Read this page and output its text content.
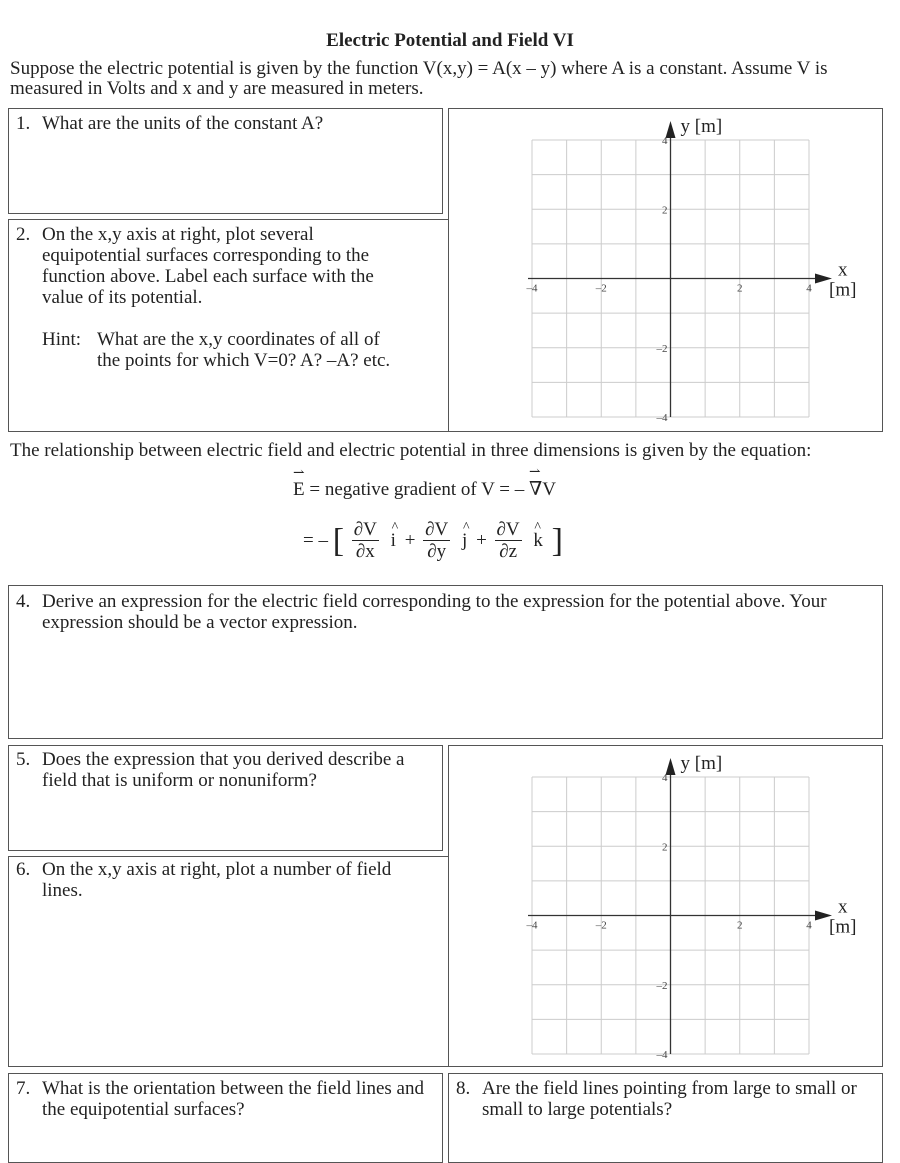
Electric Potential and Field VI
Suppose the electric potential is given by the function V(x,y) = A(x – y) where A is a constant. Assume V is measured in Volts and x and y are measured in meters.
1. What are the units of the constant A?
2. On the x,y axis at right, plot several equipotential surfaces corresponding to the function above. Label each surface with the value of its potential.
Hint: What are the x,y coordinates of all of
the points for which V=0? A? –A? etc.
–4	–2	2	4
4
2
–2
–4
y [m]
x
[m]
The relationship between electric field and electric potential in three dimensions is given by the equation:
⇀ E = negative gradient of V = – ⇀ ∇V
= – [ $\frac{\partial V}{\partial x}$ ^ $i + \frac{\partial V}{\partial y}$ ^ $j + \frac{\partial V}{\partial z}$ ^ k ]
4. Derive an expression for the electric field corresponding to the expression for the potential above. Your expression should be a vector expression.
5. Does the expression that you derived describe a field that is uniform or nonuniform?
6. On the x,y axis at right, plot a number of field lines.
–4	–2	2	4
4
2
–2
–4
y [m]
x
[m]
7. What is the orientation between the field lines and the equipotential surfaces?
8. Are the field lines pointing from large to small or small to large potentials?
